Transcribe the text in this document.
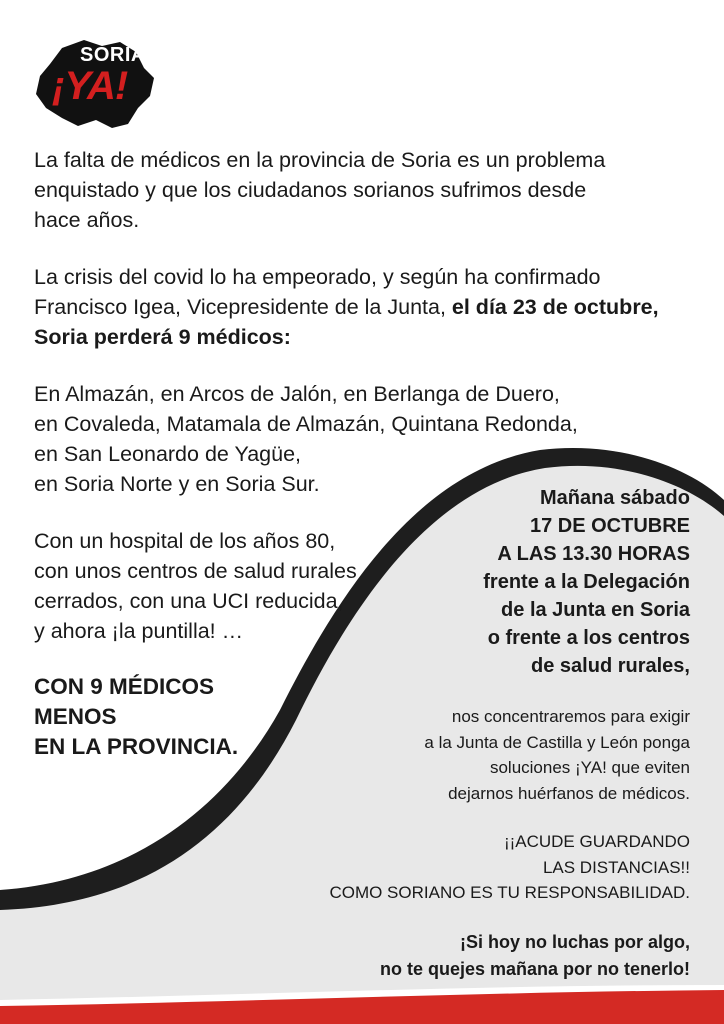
SORIA
¡YA!
La falta de médicos en la provincia de Soria es un problema
enquistado y que los ciudadanos sorianos sufrimos desde
hace años.
La crisis del covid lo ha empeorado, y según ha confirmado
Francisco Igea, Vicepresidente de la Junta, el día 23 de octubre,
Soria perderá 9 médicos:
En Almazán, en Arcos de Jalón, en Berlanga de Duero,
en Covaleda, Matamala de Almazán, Quintana Redonda,
en San Leonardo de Yagüe,
en Soria Norte y en Soria Sur.
Con un hospital de los años 80,
con unos centros de salud rurales
cerrados, con una UCI reducida,
y ahora ¡la puntilla! …
CON 9 MÉDICOS
MENOS
EN LA PROVINCIA.
Mañana sábado
17 DE OCTUBRE
A LAS 13.30 HORAS
frente a la Delegación
de la Junta en Soria
o frente a los centros
de salud rurales,
nos concentraremos para exigir
a la Junta de Castilla y León ponga
soluciones ¡YA! que eviten
dejarnos huérfanos de médicos.
¡¡ACUDE GUARDANDO
LAS DISTANCIAS!!
COMO SORIANO ES TU RESPONSABILIDAD.
¡Si hoy no luchas por algo,
no te quejes mañana por no tenerlo!
